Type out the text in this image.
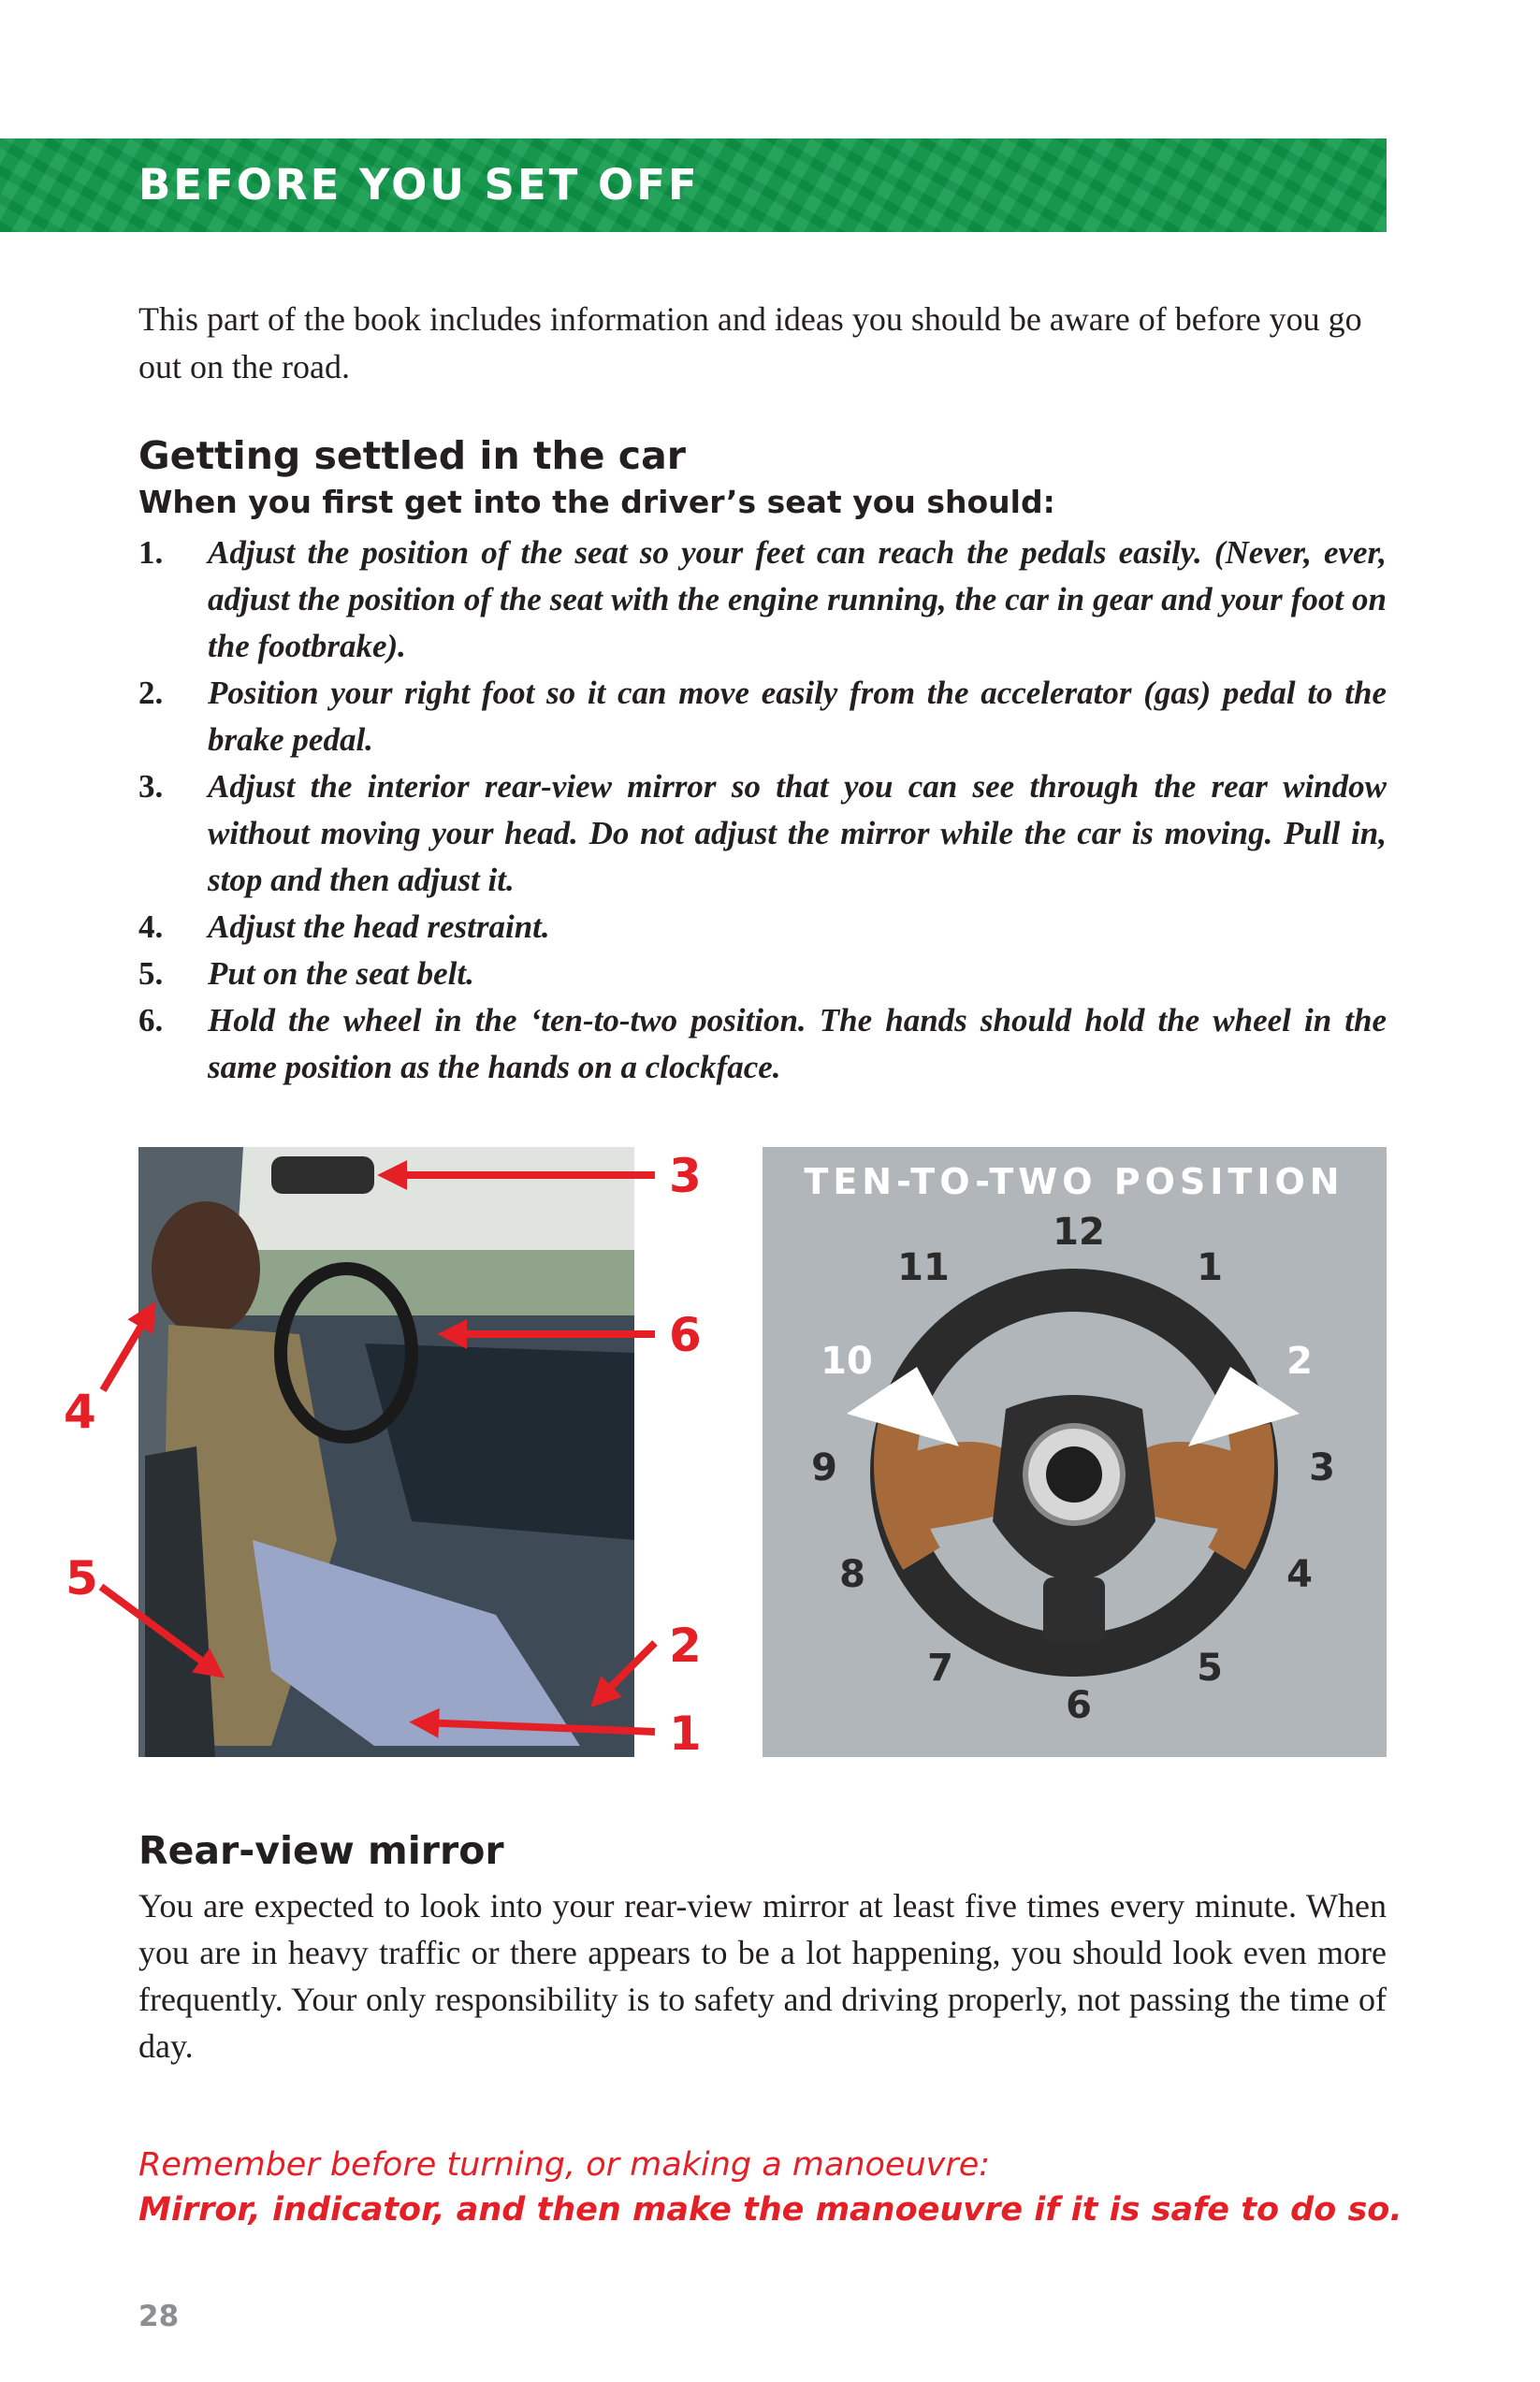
BEFORE YOU SET OFF

This part of the book includes information and ideas you should be aware of before you go out on the road.

Getting settled in the car
When you first get into the driver’s seat you should:
1. Adjust the position of the seat so your feet can reach the pedals easily. (Never, ever, adjust the position of the seat with the engine running, the car in gear and your foot on the footbrake).
2. Position your right foot so it can move easily from the accelerator (gas) pedal to the brake pedal.
3. Adjust the interior rear-view mirror so that you can see through the rear window without moving your head. Do not adjust the mirror while the car is moving. Pull in, stop and then adjust it.
4. Adjust the head restraint.
5. Put on the seat belt.
6. Hold the wheel in the ‘ten-to-two position. The hands should hold the wheel in the same position as the hands on a clockface.
3
6
4
5
2
1
TEN-TO-TWO POSITION
12
1
2
3
4
5
6
7
8
9
10
11
Rear-view mirror

You are expected to look into your rear-view mirror at least five times every minute. When you are in heavy traffic or there appears to be a lot happening, you should look even more frequently. Your only responsibility is to safety and driving properly, not passing the time of day.

Remember before turning, or making a manoeuvre:
Mirror, indicator, and then make the manoeuvre if it is safe to do so.
28
